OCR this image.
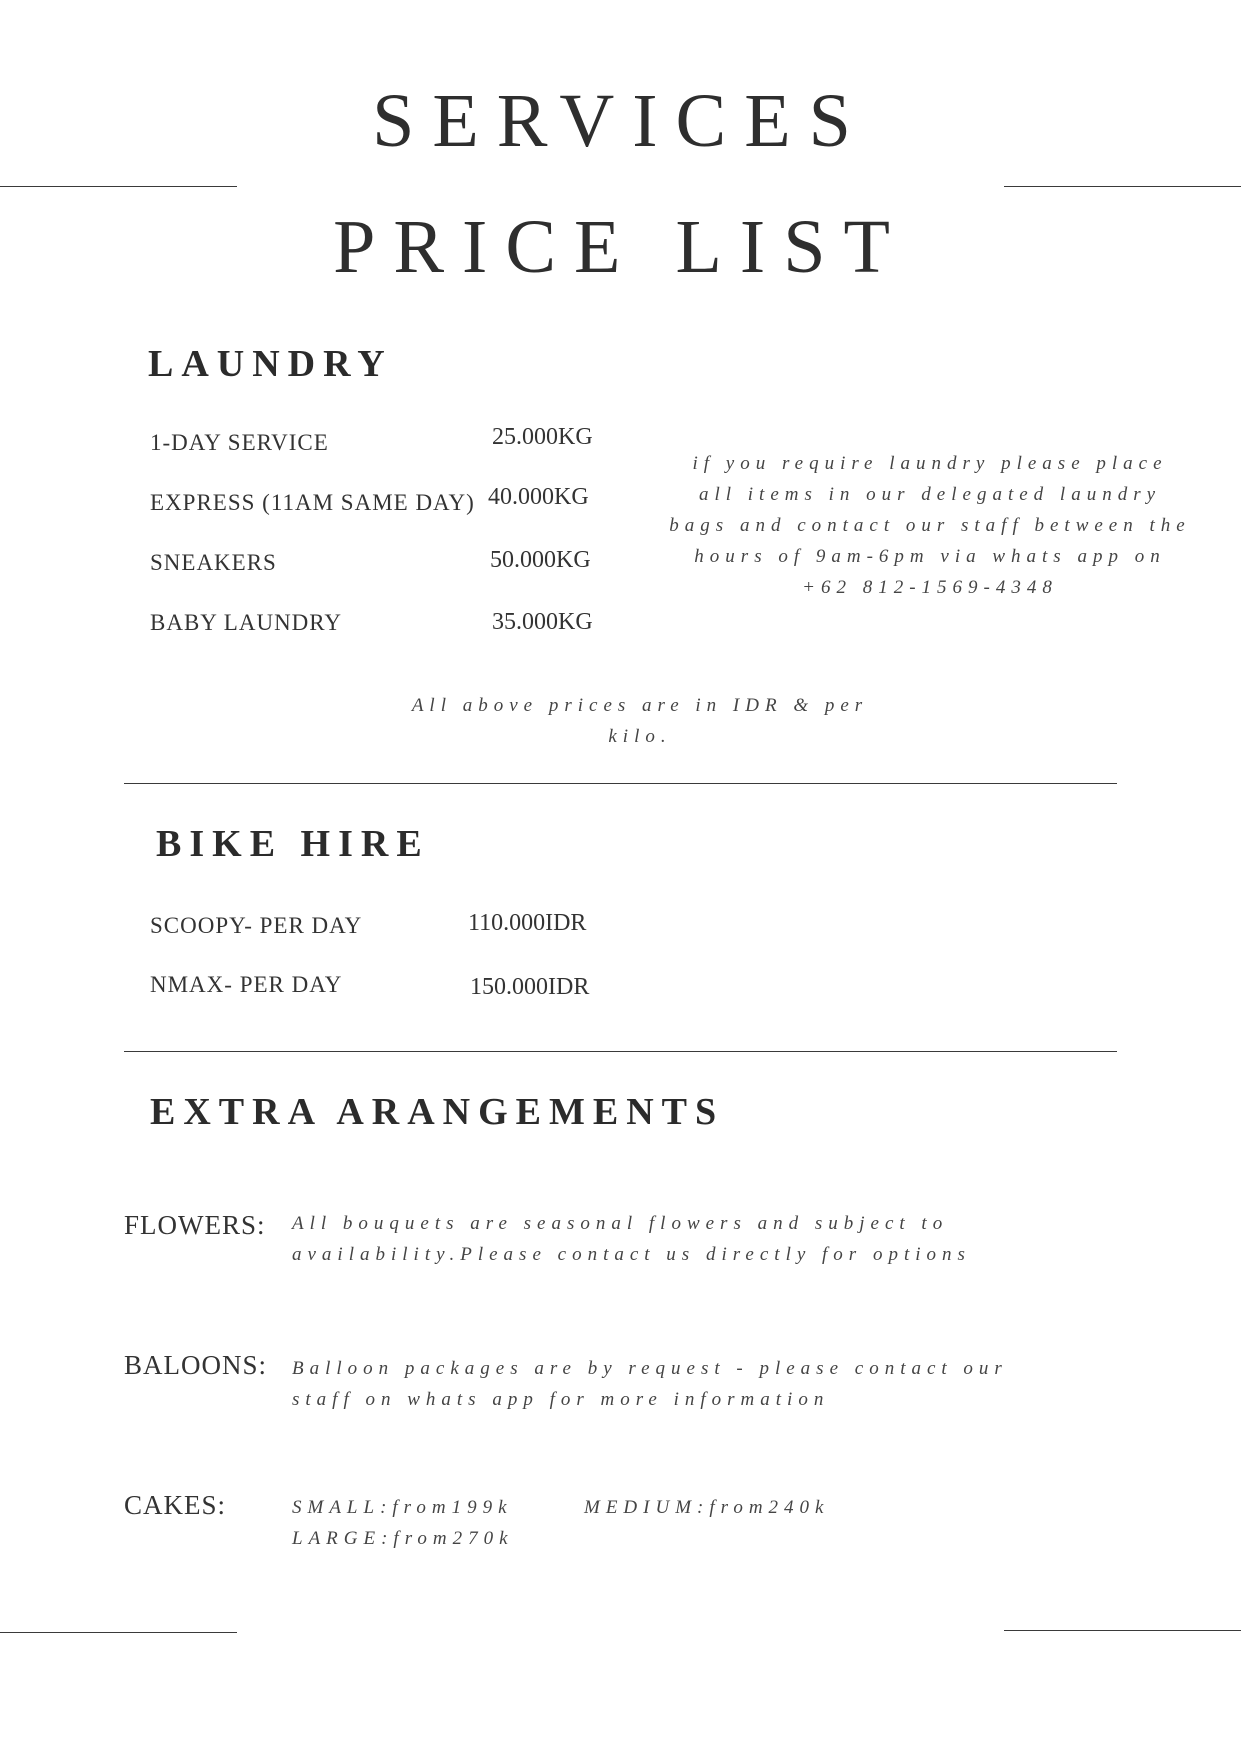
SERVICES
PRICE LIST
LAUNDRY
1-DAY SERVICE	25.000KG
EXPRESS (11AM SAME DAY) 40.000KG
SNEAKERS	50.000KG
BABY LAUNDRY	35.000KG
if you require laundry please place
all items in our delegated laundry
bags and contact our staff between the
hours of 9am-6pm via whats app on
+62 812-1569-4348
All above prices are in IDR & per
kilo.
BIKE HIRE
SCOOPY- PER DAY	110.000IDR
NMAX- PER DAY	150.000IDR
EXTRA ARANGEMENTS
FLOWERS: All bouquets are seasonal flowers and subject to
availability.Please contact us directly for options
BALOONS: Balloon packages are by request - please contact our
staff on whats app for more information
CAKES:	SMALL:from199k	MEDIUM:from240k
LARGE:from270k
